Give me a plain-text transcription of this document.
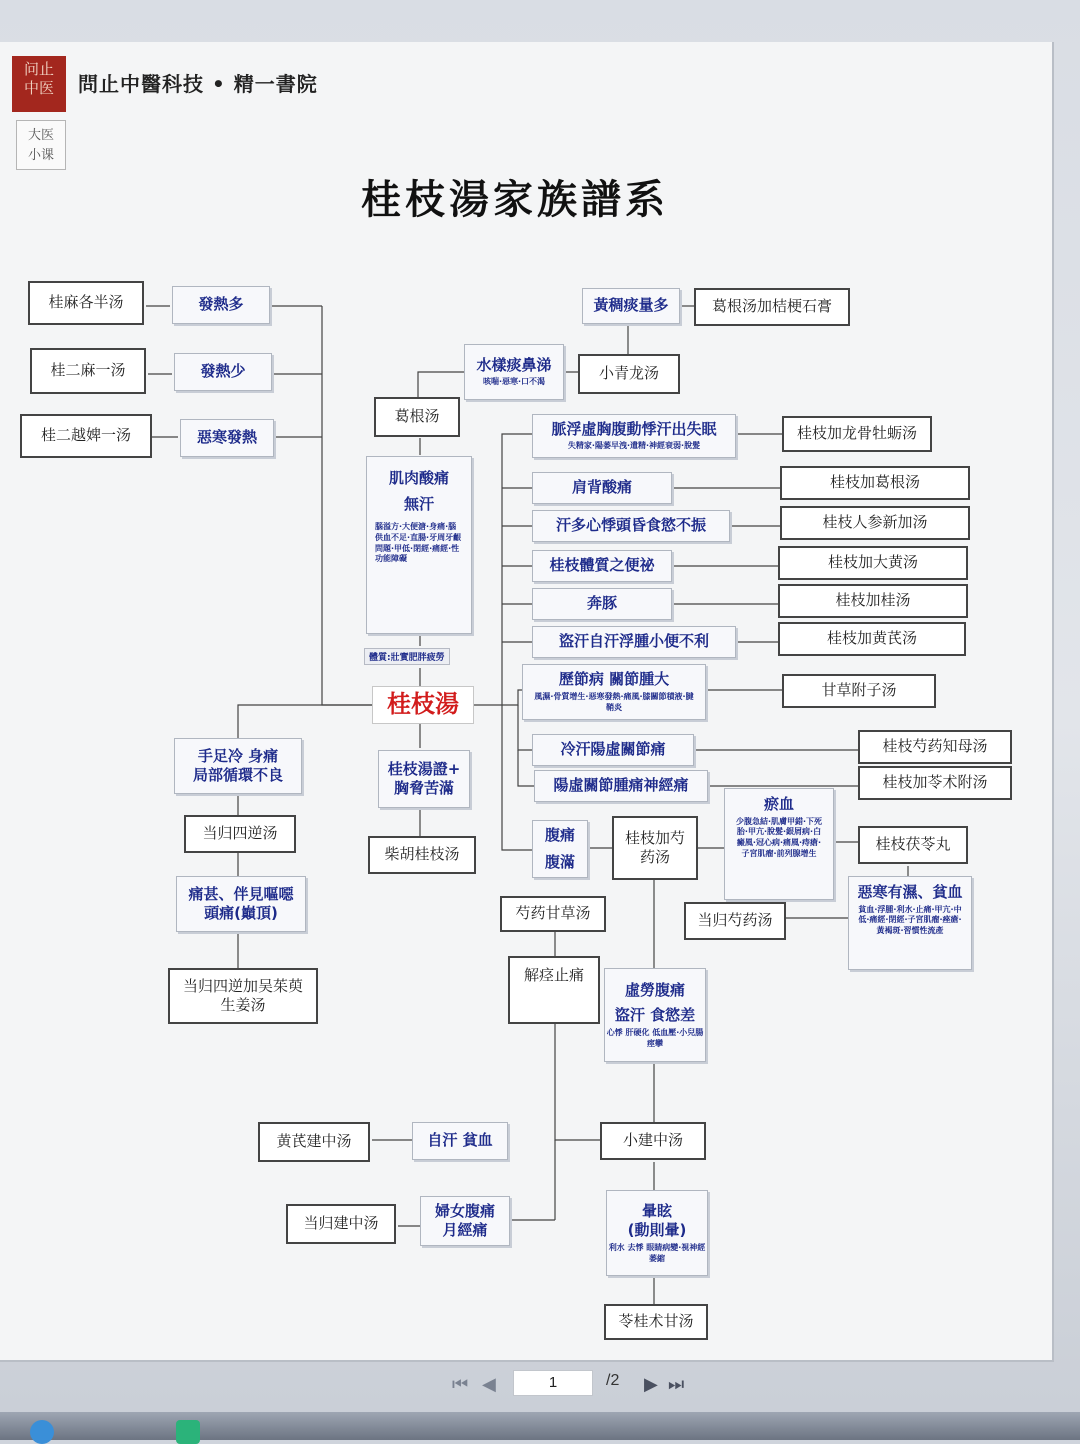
问止
中医
大医
小课
問止中醫科技 • 精一書院
桂枝湯家族譜系
桂麻各半汤	發熱多
桂二麻一汤	發熱少
桂二越婢一汤	惡寒發熱
手足冷 身痛
局部循環不良
当归四逆汤
痛甚、伴見嘔噁
頭痛(巔頂)
当归四逆加吴茱萸生姜汤
葛根汤
肌肉酸痛
無汗
腦溢方·大便溏·身痛·腦供血不足·直腸·牙周牙齦問題·甲低·閉經·痛經·性功能障礙
體質:壯實肥胖疲勞
桂枝湯
桂枝湯證+
胸脅苦滿
柴胡桂枝汤
水樣痰鼻涕
咳喘·惡寒·口不渴	小青龙汤
黃稠痰量多	葛根汤加桔梗石膏
脈浮虛胸腹動悸汗出失眠
失精家·陽萎早洩·遺精·神經衰弱·脫髮
桂枝加龙骨牡蛎汤
肩背酸痛	桂枝加葛根汤
汗多心悸頭昏食慾不振	桂枝人参新加汤
桂枝體質之便祕	桂枝加大黄汤
奔豚	桂枝加桂汤
盜汗自汗浮腫小便不利	桂枝加黄芪汤
歷節病 關節腫大
風濕·骨質增生·惡寒發熱·痛風·膝關節積液·腱鞘炎
甘草附子汤
冷汗陽虛關節痛	桂枝芍药知母汤
陽虛關節腫痛神經痛	桂枝加苓术附汤
腹痛
腹滿
桂枝加芍药汤
瘀血
少腹急結·肌膚甲錯·下死胎·甲亢·脫髮·銀屑病·白癜風·冠心病·痛風·痔瘡·子宮肌瘤·前列腺增生
桂枝茯苓丸
惡寒有濕、貧血
貧血·浮腫·利水·止痛·甲亢·中低·痛經·閉經·子宮肌瘤·痤瘡·黃褐斑·習慣性流產
当归芍药汤
芍药甘草汤
解痉止痛
虛勞腹痛
盜汗 食慾差
心悸 肝硬化 低血壓·小兒腸痙攣
小建中汤
自汗 貧血
黄芪建中汤
婦女腹痛
月經痛
当归建中汤
暈眩
(動則暈)
利水 去悸 眼睛病變·視神經萎縮
苓桂术甘汤
⏮ ◀	1	/2 ▶ ⏭
